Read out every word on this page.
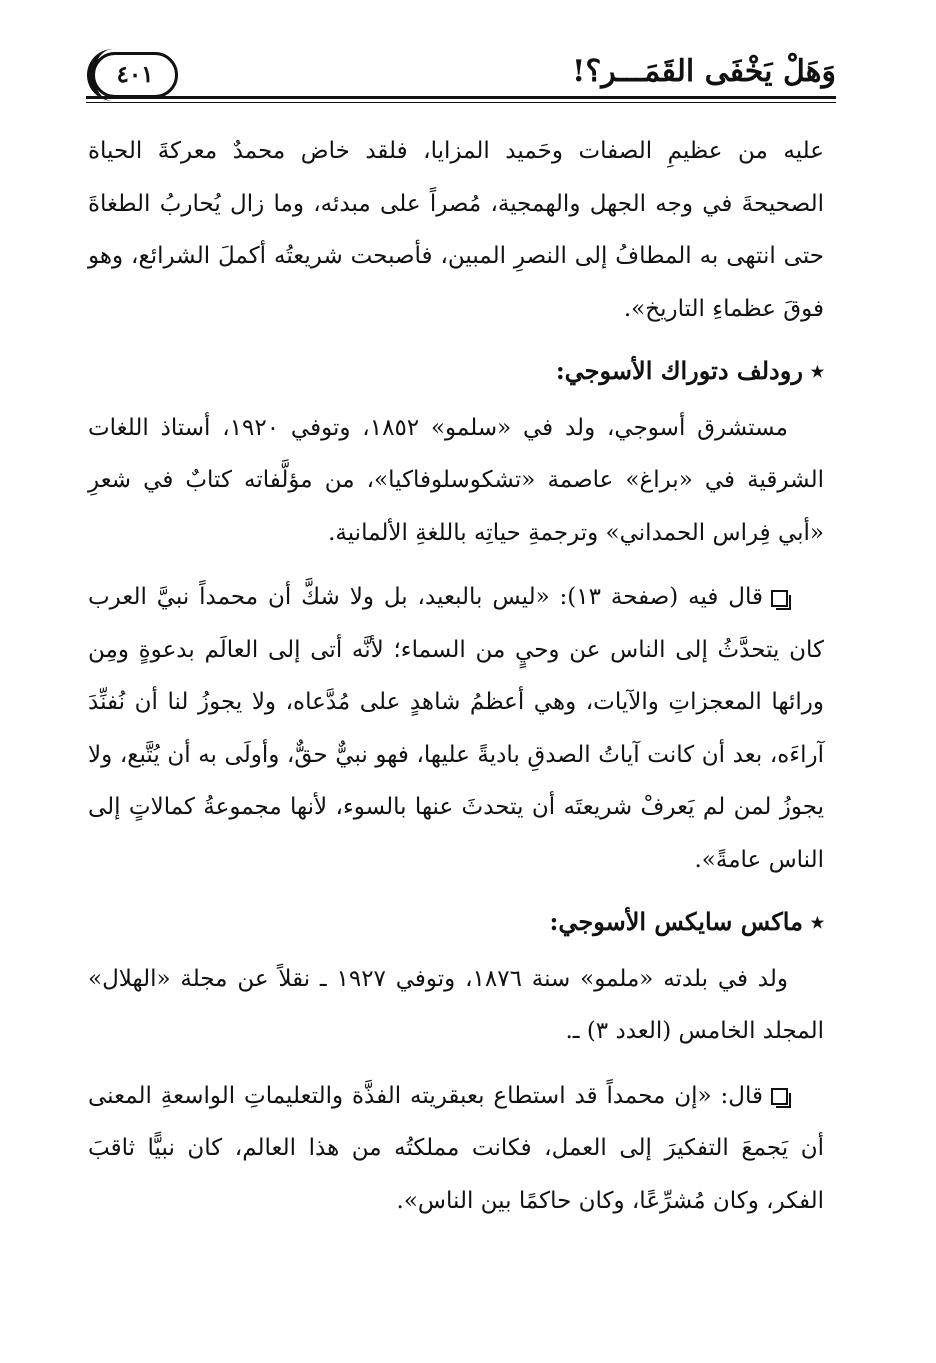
وَهَلْ يَخْفَى القَمَـــر؟!
٤٠١

عليه من عظيمِ الصفات وحَميد المزايا، فلقد خاض محمدٌ معركةَ الحياة الصحيحةَ في وجه الجهل والهمجية، مُصراً على مبدئه، وما زال يُحاربُ الطغاةَ حتى انتهى به المطافُ إلى النصرِ المبين، فأصبحت شريعتُه أكملَ الشرائع، وهو فوقَ عظماءِ التاريخ».

٭رودلف دتوراك الأسوجي:

مستشرق أسوجي، ولد في «سلمو» ١٨٥٢، وتوفي ١٩٢٠، أستاذ اللغات الشرقية في «براغ» عاصمة «تشكوسلوفاكيا»، من مؤلَّفاته كتابٌ في شعرِ «أبي فِراس الحمداني» وترجمةِ حياتِه باللغةِ الألمانية.

قال فيه (صفحة ١٣): «ليس بالبعيد، بل ولا شكَّ أن محمداً نبيَّ العرب كان يتحدَّثُ إلى الناس عن وحيٍ من السماء؛ لأنَّه أتى إلى العالَم بدعوةٍ ومِن ورائها المعجزاتِ والآيات، وهي أعظمُ شاهدٍ على مُدَّعاه، ولا يجوزُ لنا أن نُفنِّدَ آراءَه، بعد أن كانت آياتُ الصدقِ باديةً عليها، فهو نبيٌّ حقٌّ، وأولَى به أن يُتَّبع، ولا يجوزُ لمن لم يَعرفْ شريعتَه أن يتحدثَ عنها بالسوء، لأنها مجموعةُ كمالاتٍ إلى الناس عامةً».

٭ماكس سايكس الأسوجي:

ولد في بلدته «ملمو» سنة ١٨٧٦، وتوفي ١٩٢٧ ـ نقلاً عن مجلة «الهلال» المجلد الخامس (العدد ٣) ـ.

قال: «إن محمداً قد استطاع بعبقريته الفذَّة والتعليماتِ الواسعةِ المعنى أن يَجمعَ التفكيرَ إلى العمل، فكانت مملكتُه من هذا العالم، كان نبيًّا ثاقبَ الفكر، وكان مُشرِّعًا، وكان حاكمًا بين الناس».
